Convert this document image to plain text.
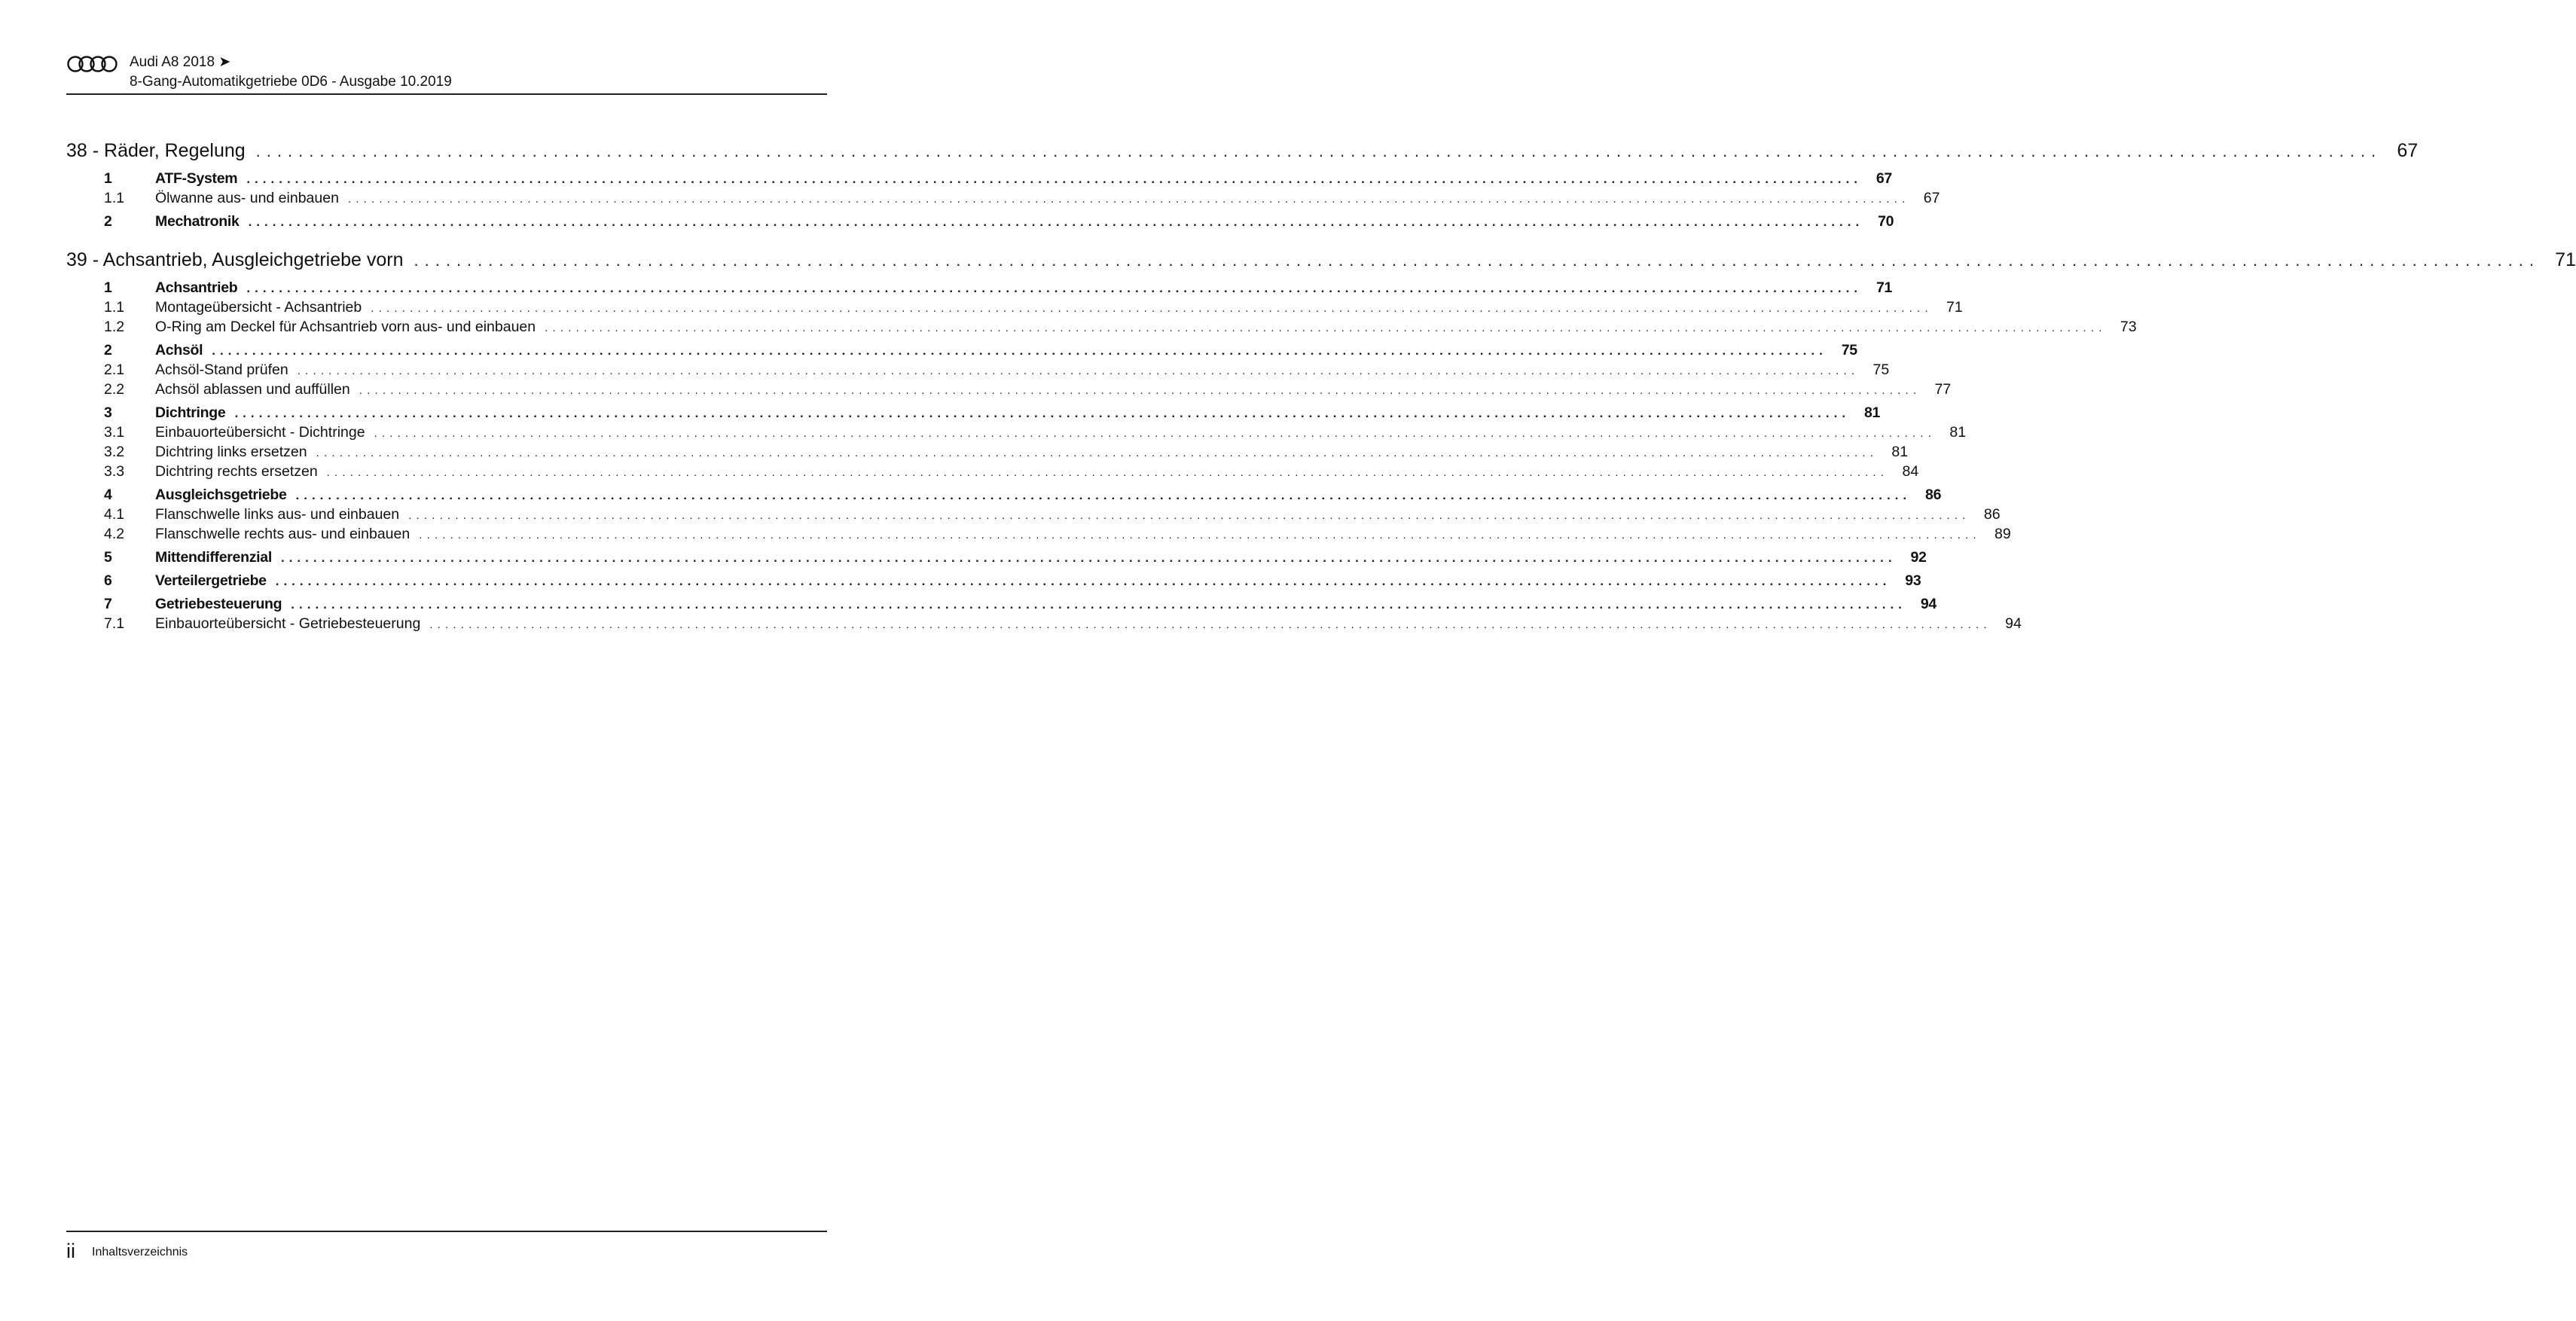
Audi A8 2018 ➤
8-Gang-Automatikgetriebe 0D6 - Ausgabe 10.2019
38 - Räder, Regelung ........................................................................................................................................................................................................ 67
1	ATF-System ........................................................................................................................................................................................................ 67
1.1	Ölwanne aus- und einbauen ........................................................................................................................................................................................................ 67
2	Mechatronik ........................................................................................................................................................................................................ 70
39 - Achsantrieb, Ausgleichgetriebe vorn ........................................................................................................................................................................................................ 71
1	Achsantrieb ........................................................................................................................................................................................................ 71
1.1	Montageübersicht - Achsantrieb ........................................................................................................................................................................................................ 71
1.2	O-Ring am Deckel für Achsantrieb vorn aus- und einbauen ........................................................................................................................................................................................................ 73
2	Achsöl ........................................................................................................................................................................................................ 75
2.1	Achsöl-Stand prüfen ........................................................................................................................................................................................................ 75
2.2	Achsöl ablassen und auffüllen ........................................................................................................................................................................................................ 77
3	Dichtringe ........................................................................................................................................................................................................ 81
3.1	Einbauorteübersicht - Dichtringe ........................................................................................................................................................................................................ 81
3.2	Dichtring links ersetzen ........................................................................................................................................................................................................ 81
3.3	Dichtring rechts ersetzen ........................................................................................................................................................................................................ 84
4	Ausgleichsgetriebe ........................................................................................................................................................................................................ 86
4.1	Flanschwelle links aus- und einbauen ........................................................................................................................................................................................................ 86
4.2	Flanschwelle rechts aus- und einbauen ........................................................................................................................................................................................................ 89
5	Mittendifferenzial ........................................................................................................................................................................................................ 92
6	Verteilergetriebe ........................................................................................................................................................................................................ 93
7	Getriebesteuerung ........................................................................................................................................................................................................ 94
7.1	Einbauorteübersicht - Getriebesteuerung ........................................................................................................................................................................................................ 94
ii Inhaltsverzeichnis
